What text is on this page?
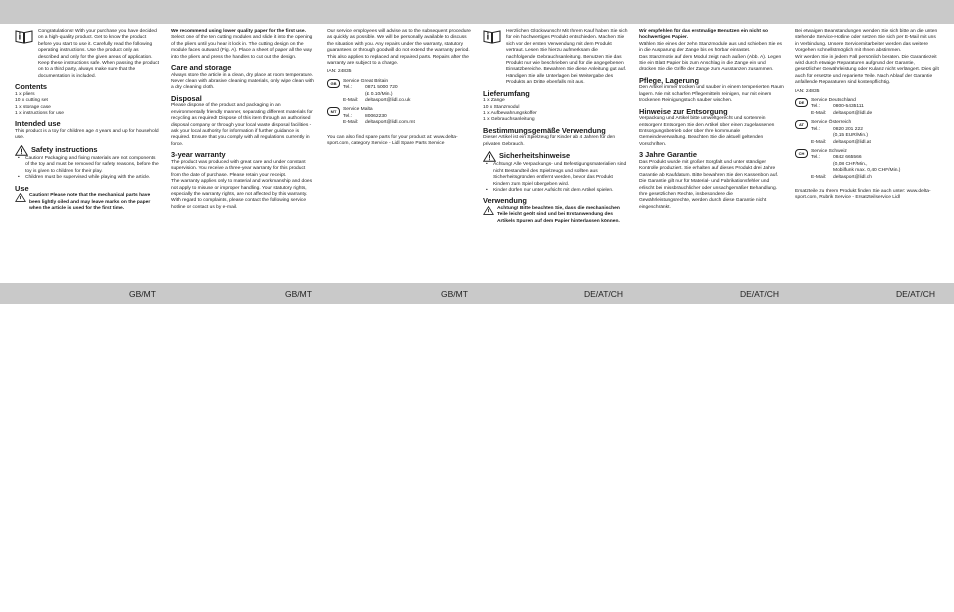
GB/MT	GB/MT	GB/MT	DE/AT/CH	DE/AT/CH	DE/AT/CH

Congratulations! With your purchase you have decided on a high-quality product. Get to know the product before you start to use it. Carefully read the following operating instructions. Use the product only as described and only for the given areas of application. Keep these instructions safe. When passing the product on to a third party, always make sure that the documentation is included.

Contents

1 x pliers

10 x cutting set

1 x storage case

1 x instructions for use

Intended use

This product is a toy for children age 4 years and up for household use.

Safety instructions

• Caution! Packaging and fixing materials are not components of the toy and must be removed for safety reasons, before the toy is given to children for their play.

• Children must be supervised while playing with the article.

Use

Caution! Please note that the mechanical parts have been lightly oiled and may leave marks on the paper when the article is used for the first time.

We recommend using lower quality paper for the first use.

Select one of the ten cutting modules and slide it into the opening of the pliers until you hear it lock in. The cutting design on the module faces outward (Fig. A). Place a sheet of paper all the way into the pliers and press the handles to cut out the design.

Care and storage

Always store the article in a clean, dry place at room temperature. Never clean with abrasive cleaning materials, only wipe clean with a dry cleaning cloth.

Disposal

Please dispose of the product and packaging in an environmentally friendly manner, separating different materials for recycling as required! Dispose of this item through an authorised disposal company or through your local waste disposal facilities - ask your local authority for information if further guidance is required. Ensure that you comply with all regulations currently in force.

3-year warranty

The product was produced with great care and under constant supervision. You receive a three-year warranty for this product from the date of purchase. Please retain your receipt.

The warranty applies only to material and workmanship and does not apply to misuse or improper handling. Your statutory rights, especially the warranty rights, are not affected by this warranty.

With regard to complaints, please contact the following service hotline or contact us by e-mail.

Our service employees will advise as to the subsequent procedure as quickly as possible. We will be personally available to discuss the situation with you. Any repairs under the warranty, statutory guarantees or through goodwill do not extend the warranty period. This also applies to replaced and repaired parts. Repairs after the warranty are subject to a charge.

IAN: 24835

GB	Service Great Britain

Tel.:	0871 5000 720
(£ 0.10/Min.)
E-Mail:	deltasport@lidl.co.uk
MT	Service Malta

Tel.:	80062230
E-Mail:	deltasport@lidl.com.mt

You can also find spare parts for your product at: www.delta-sport.com, category Service - Lidl Spare Parts Service

Herzlichen Glückwunsch! Mit Ihrem Kauf haben Sie sich für ein hochwertiges Produkt entschieden. Machen Sie sich vor der ersten Verwendung mit dem Produkt vertraut. Lesen Sie hierzu aufmerksam die nachfolgende Gebrauchsanleitung. Benutzen Sie das Produkt nur wie beschrieben und für die angegebenen Einsatzbereiche. Bewahren Sie diese Anleitung gut auf. Händigen Sie alle Unterlagen bei Weitergabe des Produkts an Dritte ebenfalls mit aus.

Lieferumfang

1 x Zange

10 x Stanzmodul

1 x Aufbewahrungskoffer

1 x Gebrauchsanleitung

Bestimmungsgemäße Verwendung

Dieser Artikel ist ein Spielzeug für Kinder ab 4 Jahren für den privaten Gebrauch.

Sicherheitshinweise

• Achtung! Alle Verpackungs- und Befestigungsmaterialien sind nicht Bestandteil des Spielzeugs und sollten aus Sicherheitsgründen entfernt werden, bevor das Produkt Kindern zum Spiel übergeben wird.

• Kinder dürfen nur unter Aufsicht mit dem Artikel spielen.

Verwendung

Achtung! Bitte beachten Sie, dass die mechanischen Teile leicht geölt sind und bei Erstanwendung des Artikels Spuren auf dem Papier hinterlassen können.

Wir empfehlen für das erstmalige Benutzen ein nicht so hochwertiges Papier.

Wählen Sie eines der zehn Stanzmodule aus und schieben Sie es in die Ausparung der Zange bis es hörbar einrastet.

Das Stanzmotiv auf dem Modul zeigt nach außen (Abb. A). Legen Sie ein Blatt Papier bis zum Anschlag in die Zange ein und drücken Sie die Griffe der Zange zum Ausstanzen zusammen.

Pflege, Lagerung

Den Artikel immer trocken und sauber in einem temperierten Raum lagern. Nie mit scharfen Pflegemitteln reinigen, nur mit einem trockenen Reinigungstuch sauber wischen.

Hinweise zur Entsorgung

Verpackung und Artikel bitte umweltgerecht und sortenrein entsorgen! Entsorgen Sie den Artikel über einen zugelassenen Entsorgungsbetrieb oder über Ihre kommunale Gemeindeverwaltung. Beachten Sie die aktuell geltenden Vorschriften.

3 Jahre Garantie

Das Produkt wurde mit großer Sorgfalt und unter ständiger Kontrolle produziert. Sie erhalten auf dieses Produkt drei Jahre Garantie ab Kaufdatum. Bitte bewahren Sie den Kassenbon auf.

Die Garantie gilt nur für Material- und Fabrikationsfehler und erlischt bei missbräuchlicher oder unsachgemäßer Behandlung. Ihre gesetzlichen Rechte, insbesondere die Gewährleistungsrechte, werden durch diese Garantie nicht eingeschränkt.

Bei etwaigen Beanstandungen wenden Sie sich bitte an die unten stehende Service-Hotline oder setzen Sie sich per E-Mail mit uns in Verbindung. Unsere Servicemitarbeiter werden das weitere Vorgehen schnellstmöglich mit Ihnen abstimmen.

Wir werden Sie in jedem Fall persönlich beraten. Die Garantiezeit wird durch etwaige Reparaturen aufgrund der Garantie, gesetzlicher Gewährleistung oder Kulanz nicht verlängert. Dies gilt auch für ersetzte und reparierte Teile. Nach Ablauf der Garantie anfallende Reparaturen sind kostenpflichtig.

IAN: 24835

DE	Service Deutschland

Tel.:	0800-5435111
E-Mail:	deltasport@lidl.de
AT	Service Österreich

Tel.:	0820 201 222
(0,15 EUR/Min.)
E-Mail:	deltasport@lidl.at
CH	Service Schweiz

Tel.:	0842 665566
(0,08 CHF/Min.,
Mobilfunk max. 0,40 CHF/Min.)
E-Mail:	deltasport@lidl.ch

Ersatzteile zu Ihrem Produkt finden Sie auch unter: www.delta-sport.com, Rubrik Service - Ersatzteilservice Lidl
